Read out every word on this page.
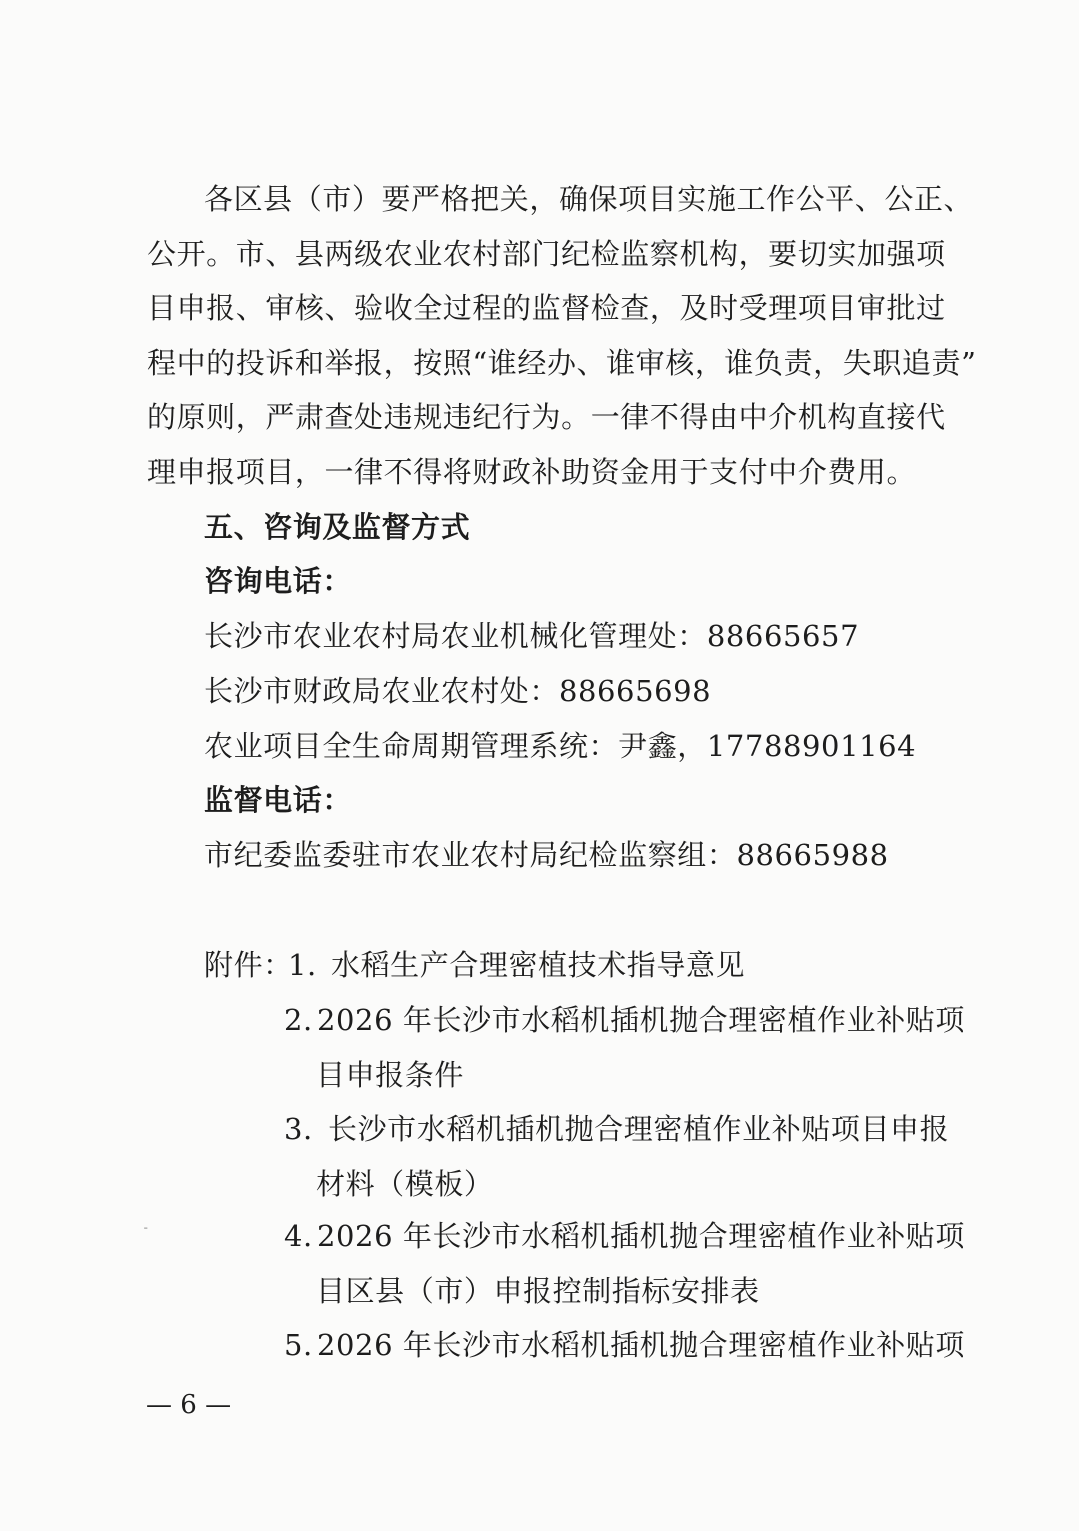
各区县（市）要严格把关，确保项目实施工作公平、公正、
公开。市、县两级农业农村部门纪检监察机构，要切实加强项
目申报、审核、验收全过程的监督检查，及时受理项目审批过
程中的投诉和举报，按照“谁经办、谁审核，谁负责，失职追责”
的原则，严肃查处违规违纪行为。一律不得由中介机构直接代
理申报项目，一律不得将财政补助资金用于支付中介费用。
五、咨询及监督方式
咨询电话：
长沙市农业农村局农业机械化管理处：88665657
长沙市财政局农业农村处：88665698
农业项目全生命周期管理系统：尹鑫，17788901164
监督电话：
市纪委监委驻市农业农村局纪检监察组：88665988
附件：
1. 水稻生产合理密植技术指导意见
2. 2026 年长沙市水稻机插机抛合理密植作业补贴项
目申报条件
3. 长沙市水稻机插机抛合理密植作业补贴项目申报
材料（模板）
4. 2026 年长沙市水稻机插机抛合理密植作业补贴项
目区县（市）申报控制指标安排表
5. 2026 年长沙市水稻机插机抛合理密植作业补贴项
ˉ
— 6 —
